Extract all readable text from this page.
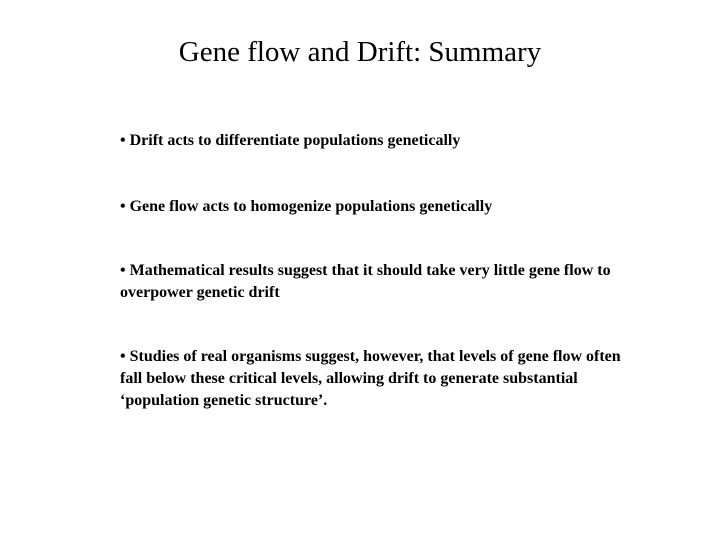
Gene flow and Drift: Summary
• Drift acts to differentiate populations genetically
• Gene flow acts to homogenize populations genetically
• Mathematical results suggest that it should take very little gene flow to overpower genetic drift
• Studies of real organisms suggest, however, that levels of gene flow often fall below these critical levels, allowing drift to generate substantial ‘population genetic structure’.
